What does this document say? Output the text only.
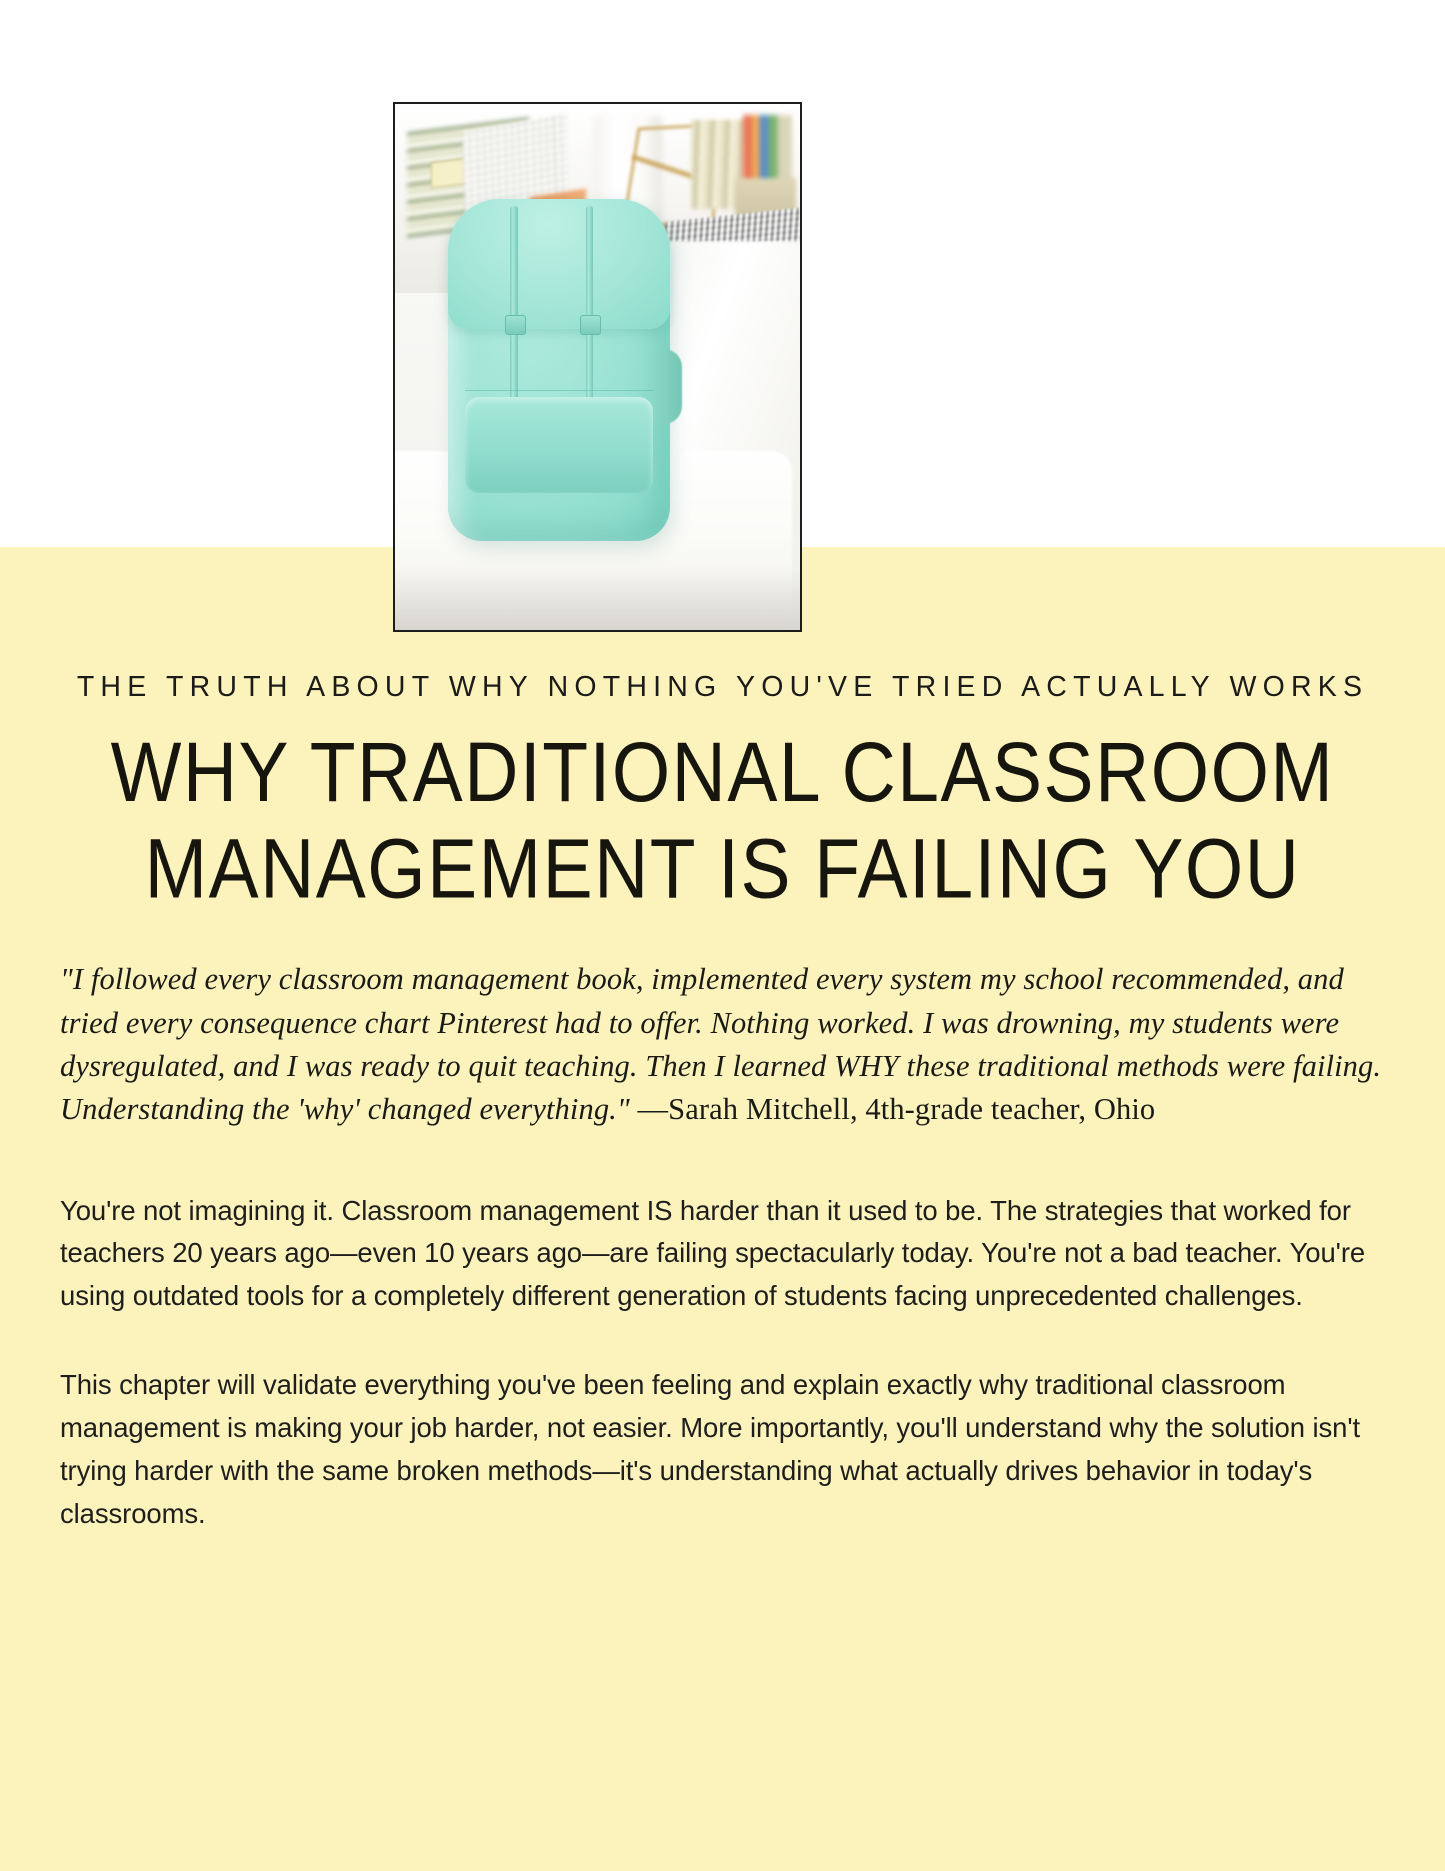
THE TRUTH ABOUT WHY NOTHING YOU'VE TRIED ACTUALLY WORKS
WHY TRADITIONAL CLASSROOM
MANAGEMENT IS FAILING YOU
"I followed every classroom management book, implemented every system my school recommended, and tried every consequence chart Pinterest had to offer. Nothing worked. I was drowning, my students were dysregulated, and I was ready to quit teaching. Then I learned WHY these traditional methods were failing. Understanding the 'why' changed everything." —Sarah Mitchell, 4th-grade teacher, Ohio

You're not imagining it. Classroom management IS harder than it used to be. The strategies that worked for teachers 20 years ago—even 10 years ago—are failing spectacularly today. You're not a bad teacher. You're using outdated tools for a completely different generation of students facing unprecedented challenges.

This chapter will validate everything you've been feeling and explain exactly why traditional classroom management is making your job harder, not easier. More importantly, you'll understand why the solution isn't trying harder with the same broken methods—it's understanding what actually drives behavior in today's classrooms.
